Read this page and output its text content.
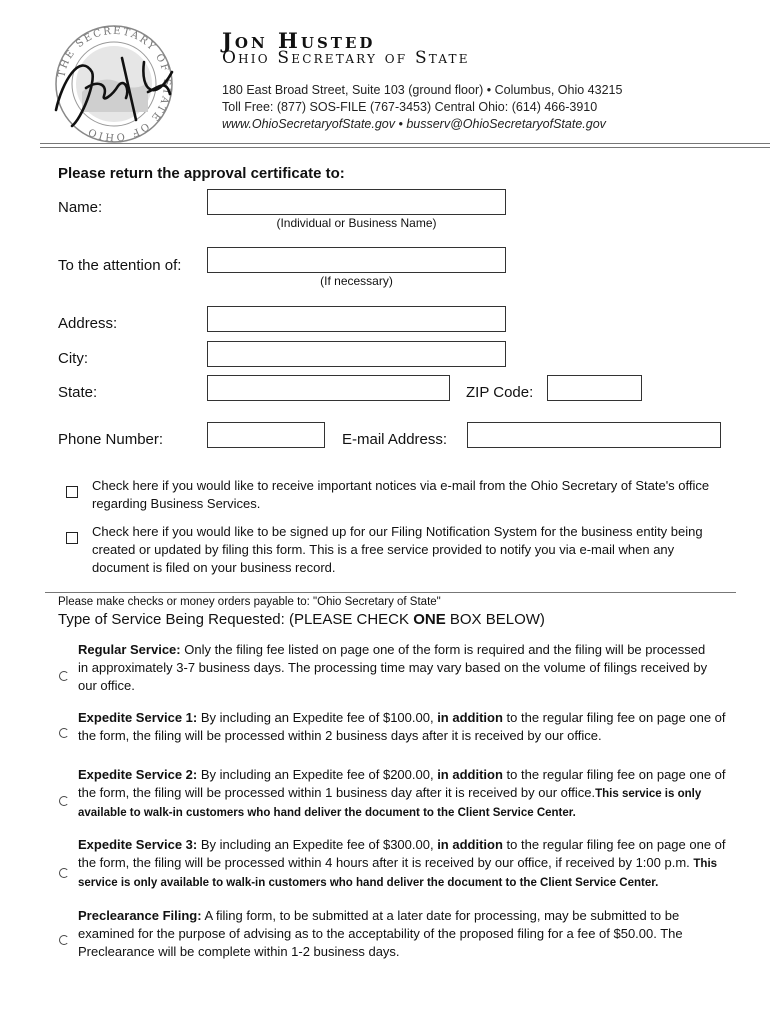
THE SECRETARY OF STATE OF OHIO
Jon Husted
Ohio Secretary of State
180 East Broad Street, Suite 103 (ground floor) • Columbus, Ohio 43215
Toll Free: (877) SOS-FILE (767-3453) Central Ohio: (614) 466-3910
www.OhioSecretaryofState.gov • busserv@OhioSecretaryofState.gov
Please return the approval certificate to:
Name:
(Individual or Business Name)
To the attention of:
(If necessary)
Address:
City:
State:	ZIP Code:
Phone Number:	E-mail Address:
Check here if you would like to receive important notices via e-mail from the Ohio Secretary of State's office regarding Business Services.
Check here if you would like to be signed up for our Filing Notification System for the business entity being created or updated by filing this form. This is a free service provided to notify you via e-mail when any document is filed on your business record.
Please make checks or money orders payable to: "Ohio Secretary of State"
Type of Service Being Requested: (PLEASE CHECK ONE BOX BELOW)
Regular Service: Only the filing fee listed on page one of the form is required and the filing will be processed in approximately 3-7 business days. The processing time may vary based on the volume of filings received by our office.
Expedite Service 1: By including an Expedite fee of $100.00, in addition to the regular filing fee on page one of the form, the filing will be processed within 2 business days after it is received by our office.
Expedite Service 2: By including an Expedite fee of $200.00, in addition to the regular filing fee on page one of the form, the filing will be processed within 1 business day after it is received by our office.This service is only available to walk-in customers who hand deliver the document to the Client Service Center.
Expedite Service 3: By including an Expedite fee of $300.00, in addition to the regular filing fee on page one of the form, the filing will be processed within 4 hours after it is received by our office, if received by 1:00 p.m. This service is only available to walk-in customers who hand deliver the document to the Client Service Center.
Preclearance Filing: A filing form, to be submitted at a later date for processing, may be submitted to be examined for the purpose of advising as to the acceptability of the proposed filing for a fee of $50.00. The Preclearance will be complete within 1-2 business days.
